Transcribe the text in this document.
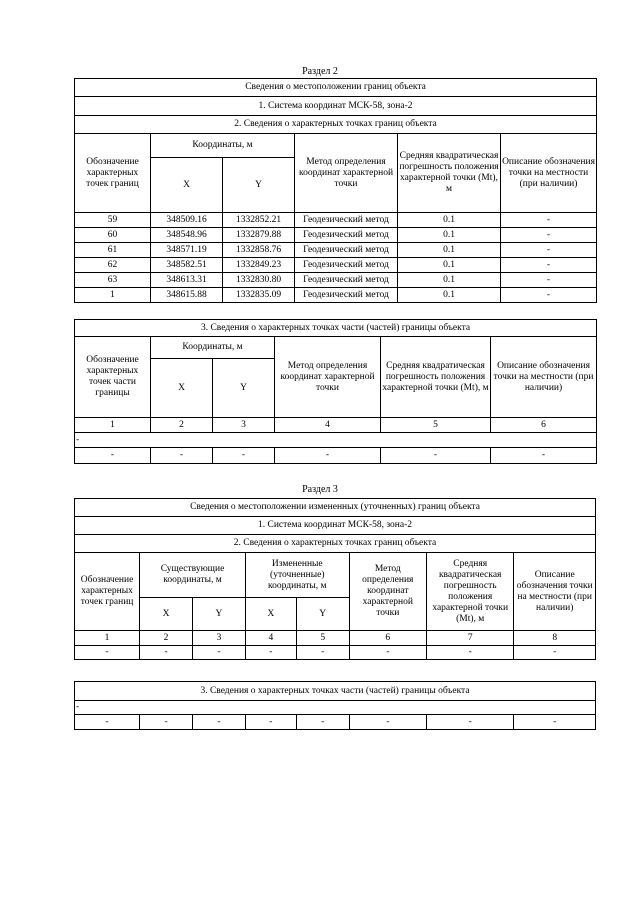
Раздел 2
Сведения о местоположении границ объекта					
1. Система координат МСК-58, зона-2					
2. Сведения о характерных точках границ объекта					
Обозначение характерных точек границ	Координаты, м		Метод определения координат характерной точки	Средняя квадратическая погрешность положения характерной точки (Mt), м	Описание обозначения точки на местности (при наличии)
	X	Y			
59	348509.16	1332852.21	Геодезический метод	0.1	-
60	348548.96	1332879.88	Геодезический метод	0.1	-
61	348571.19	1332858.76	Геодезический метод	0.1	-
62	348582.51	1332849.23	Геодезический метод	0.1	-
63	348613.31	1332830.80	Геодезический метод	0.1	-
1	348615.88	1332835.09	Геодезический метод	0.1	-
3. Сведения о характерных точках части (частей) границы объекта					
Обозначение характерных точек части границы	Координаты, м		Метод определения координат характерной точки	Средняя квадратическая погрешность положения характерной точки (Mt), м	Описание обозначения точки на местности (при наличии)
	X	Y			
1	2	3	4	5	6
-					
-	-	-	-	-	-
Раздел 3
Сведения о местоположении измененных (уточненных) границ объекта							
1. Система координат МСК-58, зона-2							
2. Сведения о характерных точках границ объекта							
Обозначение характерных точек границ	Существующие координаты, м		Измененные (уточненные) координаты, м		Метод определения координат характерной точки	Средняя квадратическая погрешность положения характерной точки (Mt), м	Описание обозначения точки на местности (при наличии)
	X	Y	X	Y			
1	2	3	4	5	6	7	8
-	-	-	-	-	-	-	-
3. Сведения о характерных точках части (частей) границы объекта
-
-	-	-	-	-	-	-	-
